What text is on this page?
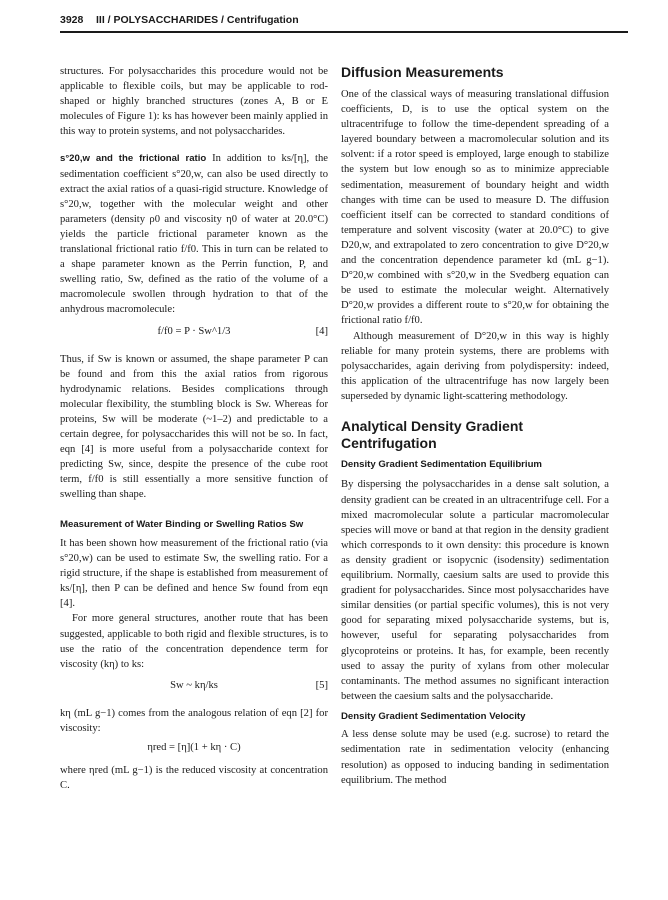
3928 III / POLYSACCHARIDES / Centrifugation

structures. For polysaccharides this procedure would not be applicable to flexible coils, but may be applicable to rod-shaped or highly branched structures (zones A, B or E molecules of Figure 1): ks has however been mainly applied in this way to protein systems, and not polysaccharides.

s°20,w and the frictional ratio In addition to ks/[η], the sedimentation coefficient s°20,w, can also be used directly to extract the axial ratios of a quasi-rigid structure. Knowledge of s°20,w, together with the molecular weight and other parameters (density ρ0 and viscosity η0 of water at 20.0°C) yields the particle frictional parameter known as the translational frictional ratio f/f0. This in turn can be related to a shape parameter known as the Perrin function, P, and swelling ratio, Sw, defined as the ratio of the volume of a macromolecule swollen through hydration to that of the anhydrous macromolecule:

f/f0 = P · Sw^1/3	[4]

Thus, if Sw is known or assumed, the shape parameter P can be found and from this the axial ratios from rigorous hydrodynamic relations. Besides complications through molecular flexibility, the stumbling block is Sw. Whereas for proteins, Sw will be moderate (~1–2) and predictable to a certain degree, for polysaccharides this will not be so. In fact, eqn [4] is more useful from a polysaccharide context for predicting Sw, since, despite the presence of the cube root term, f/f0 is still essentially a more sensitive function of swelling than shape.

Measurement of Water Binding or Swelling Ratios Sw

It has been shown how measurement of the frictional ratio (via s°20,w) can be used to estimate Sw, the swelling ratio. For a rigid structure, if the shape is established from measurement of ks/[η], then P can be defined and hence Sw found from eqn [4].

For more general structures, another route that has been suggested, applicable to both rigid and flexible structures, is to use the ratio of the concentration dependence term for viscosity (kη) to ks:

Sw ~ kη/ks	[5]

kη (mL g−1) comes from the analogous relation of eqn [2] for viscosity:

ηred = [η](1 + kη · C)

where ηred (mL g−1) is the reduced viscosity at concentration C.

Diffusion Measurements

One of the classical ways of measuring translational diffusion coefficients, D, is to use the optical system on the ultracentrifuge to follow the time-dependent spreading of a layered boundary between a macromolecular solution and its solvent: if a rotor speed is employed, large enough to stabilize the system but low enough so as to minimize appreciable sedimentation, measurement of boundary height and width changes with time can be used to measure D. The diffusion coefficient itself can be corrected to standard conditions of temperature and solvent viscosity (water at 20.0°C) to give D20,w, and extrapolated to zero concentration to give D°20,w and the concentration dependence parameter kd (mL g−1). D°20,w combined with s°20,w in the Svedberg equation can be used to estimate the molecular weight. Alternatively D°20,w provides a different route to s°20,w for obtaining the frictional ratio f/f0.

Although measurement of D°20,w in this way is highly reliable for many protein systems, there are problems with polysaccharides, again deriving from polydispersity: indeed, this application of the ultracentrifuge has now largely been superseded by dynamic light-scattering methodology.

Analytical Density Gradient Centrifugation

Density Gradient Sedimentation Equilibrium

By dispersing the polysaccharides in a dense salt solution, a density gradient can be created in an ultracentrifuge cell. For a mixed macromolecular solute a particular macromolecular species will move or band at that region in the density gradient which corresponds to it own density: this procedure is known as density gradient or isopycnic (isodensity) sedimentation equilibrium. Normally, caesium salts are used to provide this gradient for polysaccharides. Since most polysaccharides have similar densities (or partial specific volumes), this is not very good for separating mixed polysaccharide systems, but is, however, useful for separating polysaccharides from glycoproteins or proteins. It has, for example, been recently used to assay the purity of xylans from other molecular contaminants. The method assumes no significant interaction between the caesium salts and the polysaccharide.

Density Gradient Sedimentation Velocity

A less dense solute may be used (e.g. sucrose) to retard the sedimentation rate in sedimentation velocity (enhancing resolution) as opposed to inducing banding in sedimentation equilibrium. The method
